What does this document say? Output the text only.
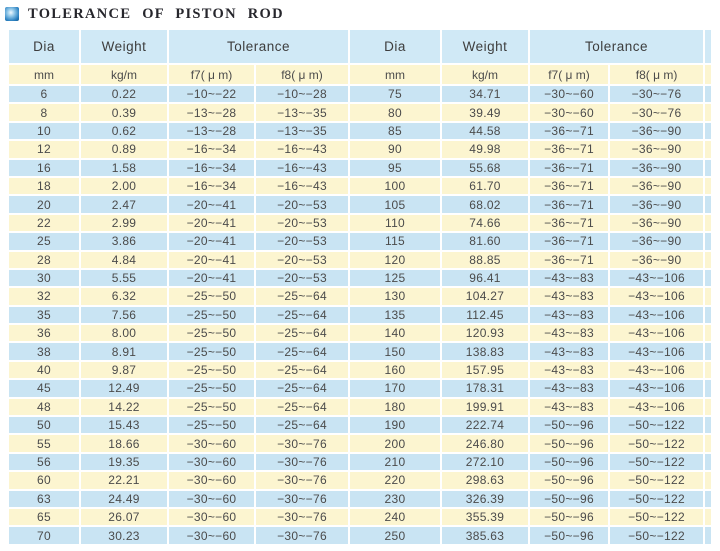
TOLERANCE OF PISTON ROD
Dia	Weight	Tolerance		Dia	Weight	Tolerance		
mm	kg/m	f7( μ m)	f8( μ m)	mm	kg/m	f7( μ m)	f8( μ m)	
6	0.22	−10~−22	−10~−28	75	34.71	−30~−60	−30~−76	
8	0.39	−13~−28	−13~−35	80	39.49	−30~−60	−30~−76	
10	0.62	−13~−28	−13~−35	85	44.58	−36~−71	−36~−90	
12	0.89	−16~−34	−16~−43	90	49.98	−36~−71	−36~−90	
16	1.58	−16~−34	−16~−43	95	55.68	−36~−71	−36~−90	
18	2.00	−16~−34	−16~−43	100	61.70	−36~−71	−36~−90	
20	2.47	−20~−41	−20~−53	105	68.02	−36~−71	−36~−90	
22	2.99	−20~−41	−20~−53	110	74.66	−36~−71	−36~−90	
25	3.86	−20~−41	−20~−53	115	81.60	−36~−71	−36~−90	
28	4.84	−20~−41	−20~−53	120	88.85	−36~−71	−36~−90	
30	5.55	−20~−41	−20~−53	125	96.41	−43~−83	−43~−106	
32	6.32	−25~−50	−25~−64	130	104.27	−43~−83	−43~−106	
35	7.56	−25~−50	−25~−64	135	112.45	−43~−83	−43~−106	
36	8.00	−25~−50	−25~−64	140	120.93	−43~−83	−43~−106	
38	8.91	−25~−50	−25~−64	150	138.83	−43~−83	−43~−106	
40	9.87	−25~−50	−25~−64	160	157.95	−43~−83	−43~−106	
45	12.49	−25~−50	−25~−64	170	178.31	−43~−83	−43~−106	
48	14.22	−25~−50	−25~−64	180	199.91	−43~−83	−43~−106	
50	15.43	−25~−50	−25~−64	190	222.74	−50~−96	−50~−122	
55	18.66	−30~−60	−30~−76	200	246.80	−50~−96	−50~−122	
56	19.35	−30~−60	−30~−76	210	272.10	−50~−96	−50~−122	
60	22.21	−30~−60	−30~−76	220	298.63	−50~−96	−50~−122	
63	24.49	−30~−60	−30~−76	230	326.39	−50~−96	−50~−122	
65	26.07	−30~−60	−30~−76	240	355.39	−50~−96	−50~−122	
70	30.23	−30~−60	−30~−76	250	385.63	−50~−96	−50~−122	
